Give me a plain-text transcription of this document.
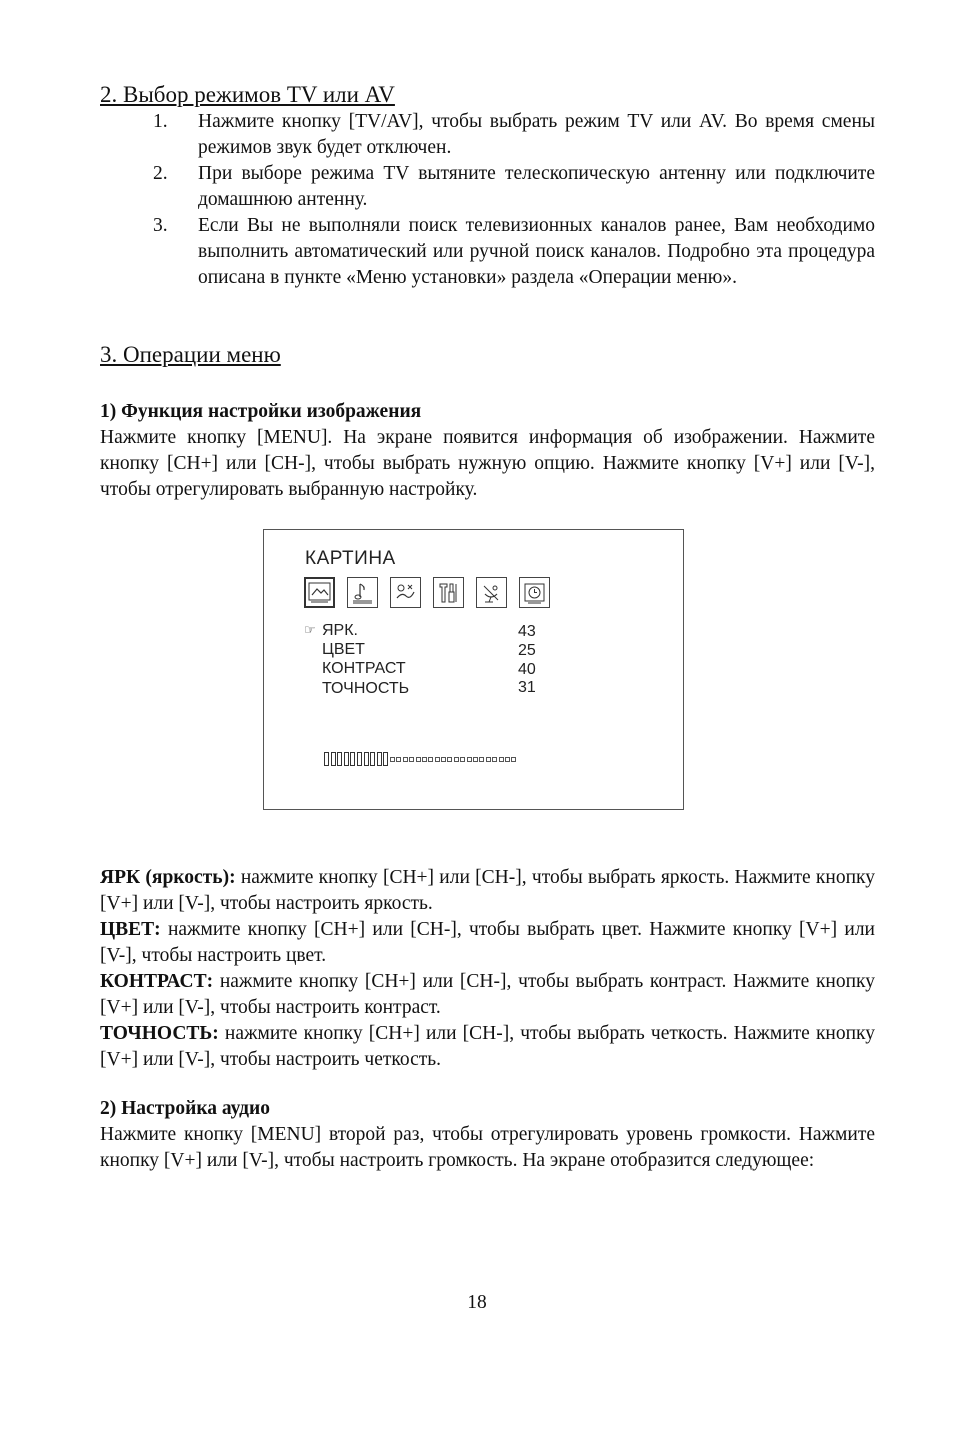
2. Выбор режимов TV или AV
1. Нажмите кнопку [TV/AV], чтобы выбрать режим TV или AV. Во время смены режимов звук будет отключен.
2. При выборе режима TV вытяните телескопическую антенну или подключите домашнюю антенну.
3. Если Вы не выполняли поиск телевизионных каналов ранее, Вам необходимо выполнить автоматический или ручной поиск каналов. Подробно эта процедура описана в пункте «Меню установки» раздела «Операции меню».
3. Операции меню
1) Функция настройки изображения

Нажмите кнопку [MENU]. На экране появится информация об изображении. Нажмите кнопку [CH+] или [CH-], чтобы выбрать нужную опцию. Нажмите кнопку [V+] или [V-], чтобы отрегулировать выбранную настройку.

КАРТИНА
☞ ЯРК.	43
ЦВЕТ	25
КОНТРАСТ	40
ТОЧНОСТЬ	31

ЯРК (яркость): нажмите кнопку [CH+] или [CH-], чтобы выбрать яркость. Нажмите кнопку [V+] или [V-], чтобы настроить яркость.

ЦВЕТ: нажмите кнопку [CH+] или [CH-], чтобы выбрать цвет. Нажмите кнопку [V+] или [V-], чтобы настроить цвет.

КОНТРАСТ: нажмите кнопку [CH+] или [CH-], чтобы выбрать контраст. Нажмите кнопку [V+] или [V-], чтобы настроить контраст.

ТОЧНОСТЬ: нажмите кнопку [CH+] или [CH-], чтобы выбрать четкость. Нажмите кнопку [V+] или [V-], чтобы настроить четкость.

2) Настройка аудио

Нажмите кнопку [MENU] второй раз, чтобы отрегулировать уровень громкости. Нажмите кнопку [V+] или [V-], чтобы настроить громкость. На экране отобразится следующее:

18
